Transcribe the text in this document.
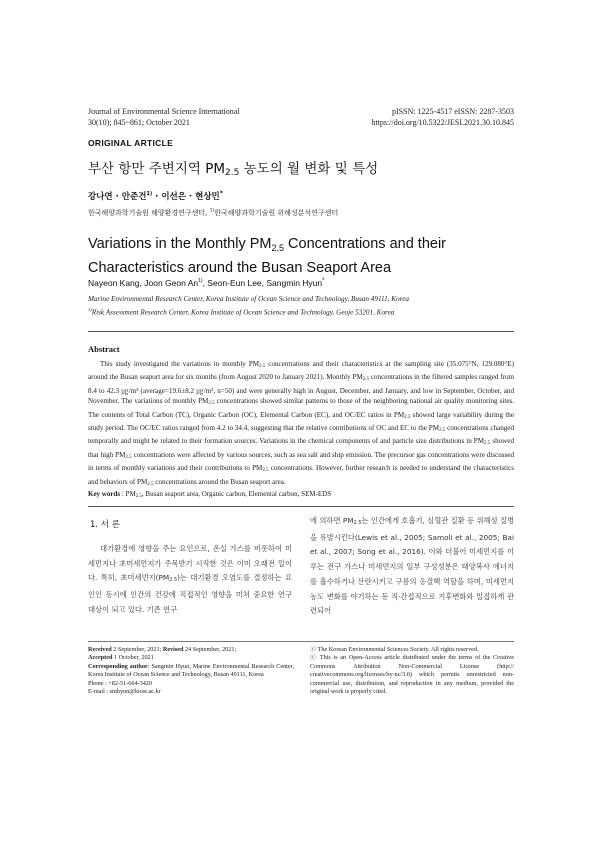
Journal of Environmental Science International
30(10); 845~861; October 2021
pISSN: 1225-4517 eISSN: 2287-3503
https://doi.org/10.5322/JESI.2021.30.10.845
ORIGINAL ARTICLE
부산 항만 주변지역 $PM_{2.5}$ 농도의 월 변화 및 특성
강나연 · 안준건$^{1)}$ · 이선은 · 현상민*
한국해양과학기술원 해양환경연구센터, $^{1)}$한국해양과학기술원 위해성분석연구센터
Variations in the Monthly $PM_{2.5}$ Concentrations and their Characteristics around the Busan Seaport Area
Nayeon Kang, Joon Geon An$^{1)}$, Seon-Eun Lee, Sangmin Hyun*
Marine Environmental Research Center, Korea Institute of Ocean Science and Technology, Busan 49111, Korea
$^{1)}$Risk Assessment Research Center, Korea Institute of Ocean Science and Technology, Geoje 53201, Korea
Abstract

This study investigated the variations in monthly PM2.5 concentrations and their characteristics at the sampling site (35.075°N, 129.080°E) around the Busan seaport area for six months (from August 2020 to January 2021). Monthly PM2.5 concentrations in the filtered samples ranged from 8.4 to 42.3 ㎍/m³ (average=19.6±8.2 ㎍/m³, n=50) and were generally high in August, December, and January, and low in September, October, and November. The variations of monthly PM2.5 concentrations showed similar patterns to those of the neighboring national air quality monitoring sites. The contents of Total Carbon (TC), Organic Carbon (OC), Elemental Carbon (EC), and OC/EC ratios in PM2.5 showed large variability during the study period. The OC/EC ratios ranged from 4.2 to 34.4, suggesting that the relative contributions of OC and EC to the PM2.5 concentrations changed temporally and might be related to their formation sources. Variations in the chemical components of and particle size distributions in PM2.5 showed that high PM2.5 concentrations were affected by various sources, such as sea salt and ship emission. The precursor gas concentrations were discussed in terms of monthly variations and their contributions to PM2.5 concentrations. However, further research is needed to understand the characteristics and behaviors of PM2.5 concentrations around the Busan seaport area.

Key words : PM2.5, Busan seaport area, Organic carbon, Elemental carbon, SEM-EDS
1. 서 론

대기환경에 영향을 주는 요인으로, 온실 가스를 비롯하여 미세먼지나 초미세먼지가 주목받기 시작한 것은 이미 오래전 일이다. 특히, 초미세먼지(PM2.5)는 대기환경 오염도를 결정하는 요인인 동시에 인간의 건강에 직접적인 영향을 미쳐 중요한 연구 대상이 되고 있다. 기존 연구

에 의하면 PM2.5는 인간에게 호흡기, 심혈관 질환 등 위해성 질병을 유발시킨다(Lewis et al., 2005; Samoli et al., 2005; Bai et al., 2007; Song et al., 2016). 이와 더불어 미세먼지를 이루는 전구 가스나 미세먼지의 일부 구성성분은 태양복사 에너지를 흡수하거나 산란시키고 구름의 응결핵 역할을 하며, 미세먼지 농도 변화를 야기하는 등 직·간접적으로 기후변화와 밀접하게 관련되어

Received 2 September, 2021; Revised 24 September, 2021;
Accepted 1 October, 2021
Corresponding author: Sangmin Hyun, Marine Environmental Research Center, Korea Institute of Ocean Science and Technology, Busan 49111, Korea
Phone : +82-51-664-3420
E-mail : smhyun@kiost.ac.kr
ⓒ The Korean Environmental Sciences Society. All rights reserved.
ⓒ This is an Open-Access article distributed under the terms of the Creative Commons Attribution Non-Commercial License (http:// creativecommons.org/licenses/by-nc/3.0) which permits unrestricted non-commercial use, distribution, and reproduction in any medium, provided the original work is properly cited.
